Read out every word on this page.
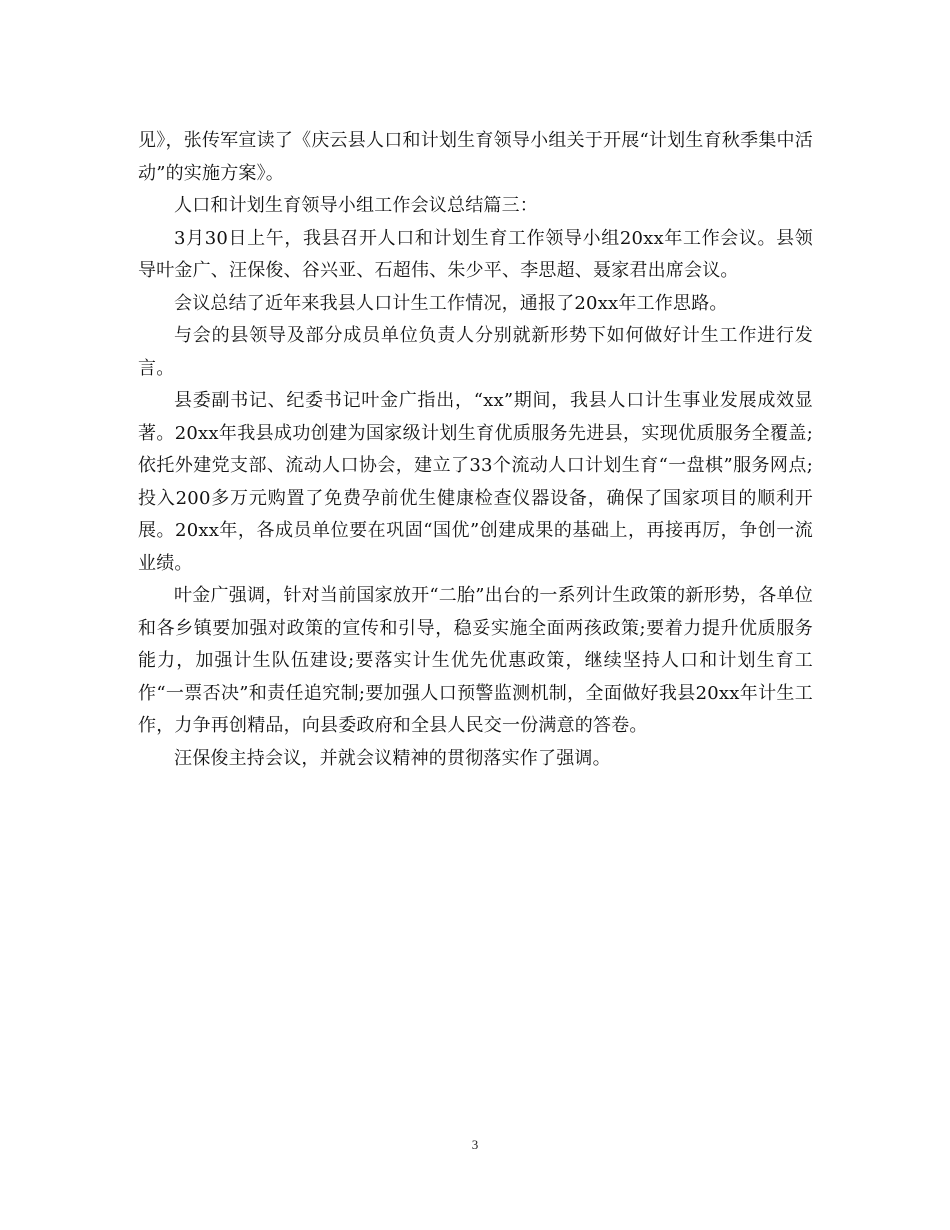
见》，张传军宣读了《庆云县人口和计划生育领导小组关于开展“计划生育秋季集中活动”的实施方案》。

人口和计划生育领导小组工作会议总结篇三：

3月30日上午，我县召开人口和计划生育工作领导小组20xx年工作会议。县领导叶金广、汪保俊、谷兴亚、石超伟、朱少平、李思超、聂家君出席会议。

会议总结了近年来我县人口计生工作情况，通报了20xx年工作思路。

与会的县领导及部分成员单位负责人分别就新形势下如何做好计生工作进行发言。

县委副书记、纪委书记叶金广指出，“xx”期间，我县人口计生事业发展成效显著。20xx年我县成功创建为国家级计划生育优质服务先进县，实现优质服务全覆盖;依托外建党支部、流动人口协会，建立了33个流动人口计划生育“一盘棋”服务网点;投入200多万元购置了免费孕前优生健康检查仪器设备，确保了国家项目的顺利开展。20xx年，各成员单位要在巩固“国优”创建成果的基础上，再接再厉，争创一流业绩。

叶金广强调，针对当前国家放开“二胎”出台的一系列计生政策的新形势，各单位和各乡镇要加强对政策的宣传和引导，稳妥实施全面两孩政策;要着力提升优质服务能力，加强计生队伍建设;要落实计生优先优惠政策，继续坚持人口和计划生育工作“一票否决”和责任追究制;要加强人口预警监测机制，全面做好我县20xx年计生工作，力争再创精品，向县委政府和全县人民交一份满意的答卷。

汪保俊主持会议，并就会议精神的贯彻落实作了强调。

3
